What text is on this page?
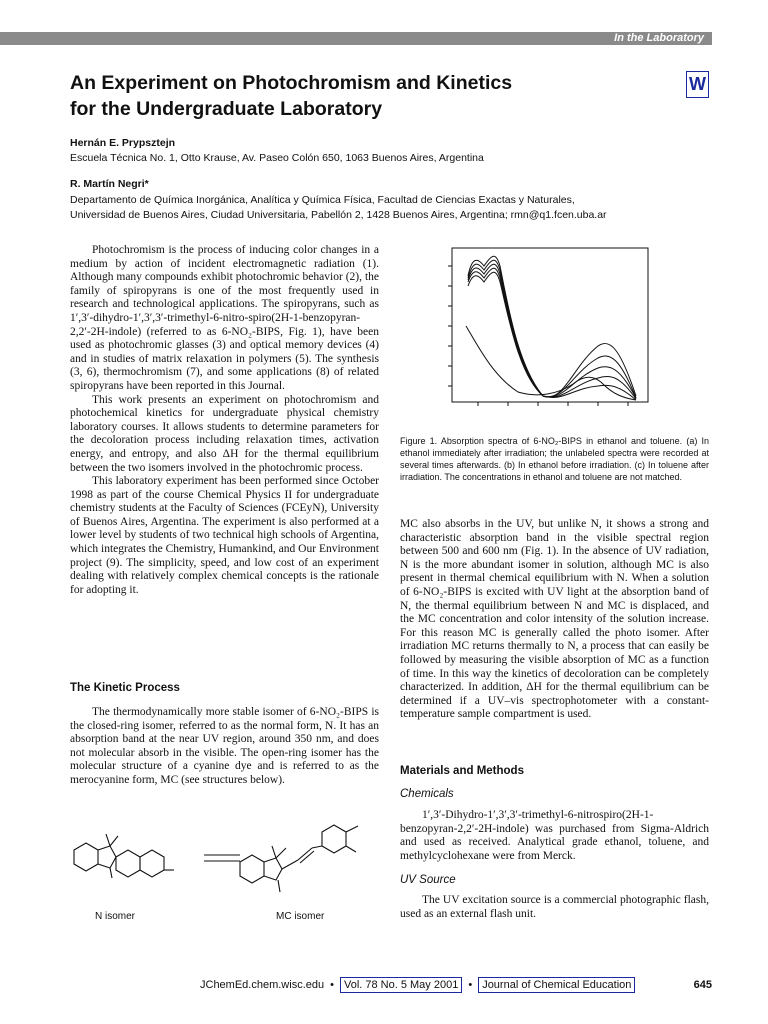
In the Laboratory
An Experiment on Photochromism and Kinetics
for the Undergraduate Laboratory
W
Hernán E. Prypsztejn
Escuela Técnica No. 1, Otto Krause, Av. Paseo Colón 650, 1063 Buenos Aires, Argentina
R. Martín Negri*
Departamento de Química Inorgánica, Analítica y Química Física, Facultad de Ciencias Exactas y Naturales,
Universidad de Buenos Aires, Ciudad Universitaria, Pabellón 2, 1428 Buenos Aires, Argentina; rmn@q1.fcen.uba.ar

Photochromism is the process of inducing color changes in a medium by action of incident electromagnetic radiation (1). Although many compounds exhibit photochromic behavior (2), the family of spiropyrans is one of the most frequently used in research and technological applications. The spiropyrans, such as 1′,3′-dihydro-1′,3′,3′-trimethyl-6-nitro-spiro(2H-1-benzopyran-2,2′-2H-indole) (referred to as 6-NO₂-BIPS, Fig. 1), have been used as photochromic glasses (3) and optical memory devices (4) and in studies of matrix relaxation in polymers (5). The synthesis (3, 6), thermochromism (7), and some applications (8) of related spiropyrans have been reported in this Journal.

This work presents an experiment on photochromism and photochemical kinetics for undergraduate physical chemistry laboratory courses. It allows students to determine parameters for the decoloration process including relaxation times, activation energy, and entropy, and also ΔH for the thermal equilibrium between the two isomers involved in the photochromic process.

This laboratory experiment has been performed since October 1998 as part of the course Chemical Physics II for undergraduate chemistry students at the Faculty of Sciences (FCEyN), University of Buenos Aires, Argentina. The experiment is also performed at a lower level by students of two technical high schools of Argentina, which integrates the Chemistry, Humankind, and Our Environment project (9). The simplicity, speed, and low cost of an experiment dealing with relatively complex chemical concepts is the rationale for adopting it.

The Kinetic Process

The thermodynamically more stable isomer of 6-NO₂-BIPS is the closed-ring isomer, referred to as the normal form, N. It has an absorption band at the near UV region, around 350 nm, and does not molecular absorb in the visible. The open-ring isomer has the molecular structure of a cyanine dye and is referred to as the merocyanine form, MC (see structures below).

N isomer	MC isomer
Figure 1. Absorption spectra of 6-NO₂-BIPS in ethanol and toluene. (a) In ethanol immediately after irradiation; the unlabeled spectra were recorded at several times afterwards. (b) In ethanol before irradiation. (c) In toluene after irradiation. The concentrations in ethanol and toluene are not matched.

MC also absorbs in the UV, but unlike N, it shows a strong and characteristic absorption band in the visible spectral region between 500 and 600 nm (Fig. 1). In the absence of UV radiation, N is the more abundant isomer in solution, although MC is also present in thermal chemical equilibrium with N. When a solution of 6-NO₂-BIPS is excited with UV light at the absorption band of N, the thermal equilibrium between N and MC is displaced, and the MC concentration and color intensity of the solution increase. For this reason MC is generally called the photo isomer. After irradiation MC returns thermally to N, a process that can easily be followed by measuring the visible absorption of MC as a function of time. In this way the kinetics of decoloration can be completely characterized. In addition, ΔH for the thermal equilibrium can be determined if a UV–vis spectrophotometer with a constant-temperature sample compartment is used.

Materials and Methods
Chemicals

1′,3′-Dihydro-1′,3′,3′-trimethyl-6-nitrospiro(2H-1-benzopyran-2,2′-2H-indole) was purchased from Sigma-Aldrich and used as received. Analytical grade ethanol, toluene, and methylcyclohexane were from Merck.

UV Source

The UV excitation source is a commercial photographic flash, used as an external flash unit.

JChemEd.chem.wisc.edu • Vol. 78 No. 5 May 2001 • Journal of Chemical Education	645
